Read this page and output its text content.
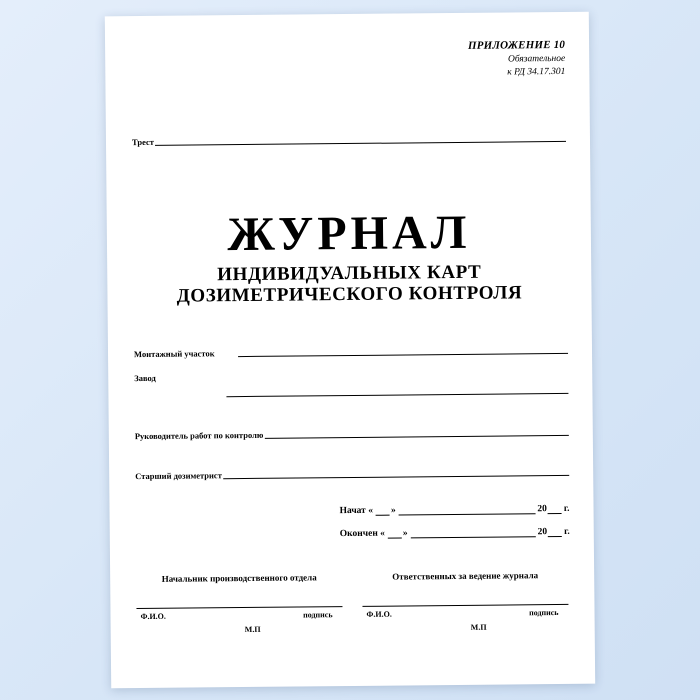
ПРИЛОЖЕНИЕ 10
Обязательное
к РД 34.17.301
Трест
ЖУРНАЛ
ИНДИВИДУАЛЬНЫХ КАРТ
ДОЗИМЕТРИЧЕСКОГО КОНТРОЛЯ
Монтажный участок
Завод
Руководитель работ по контролю
Старший дозиметрист
Начат « »	20 г.
Окончен « »	20 г.
Начальник производственного отдела
Ф.И.О.	подпись
М.П
Ответственных за ведение журнала
Ф.И.О.	подпись
М.П
